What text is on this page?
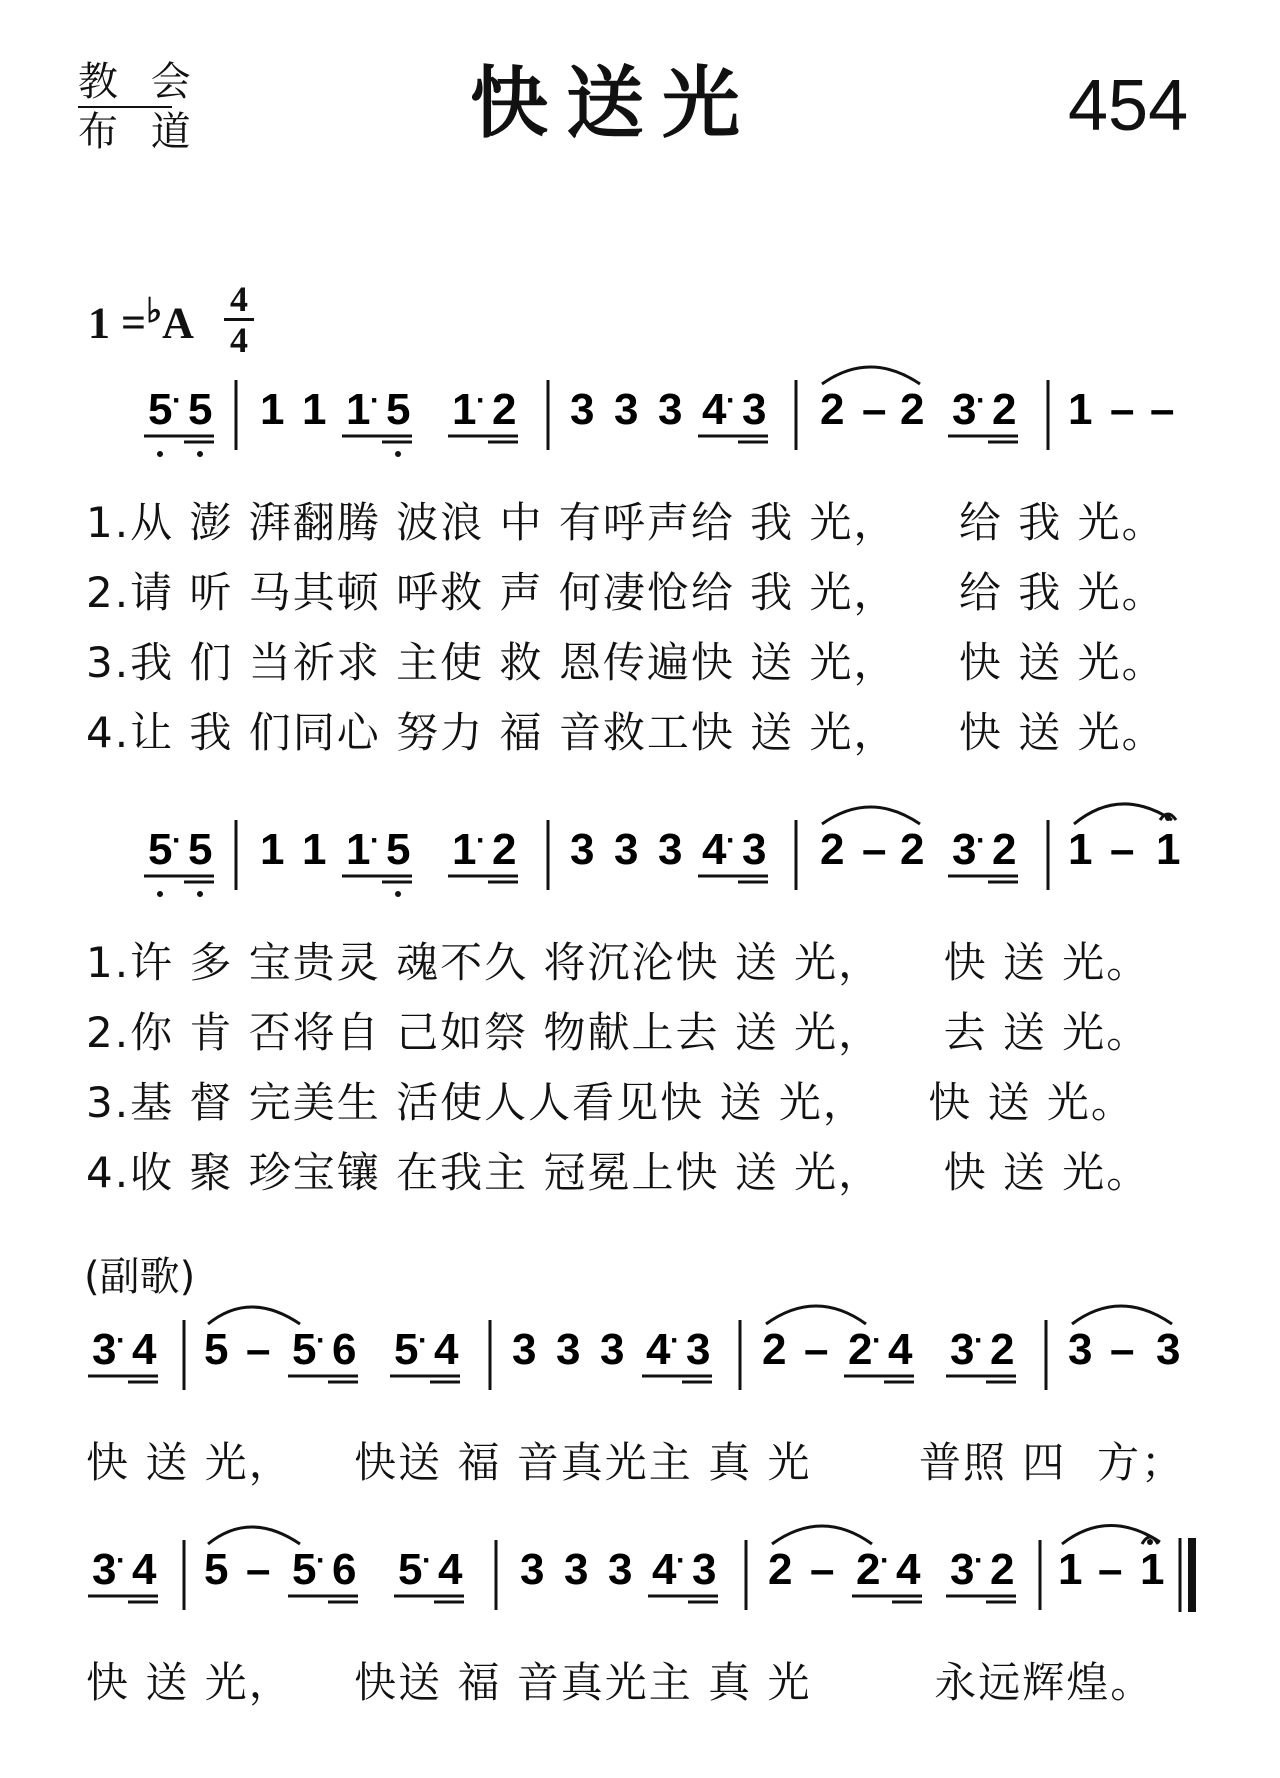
教 会
布 道	快送光	454
1 =♭A 4
4
5 · 5 1 1 1 · 5 1 · 2 3 3 3 4 · 3 2 – 2 3 · 2 1 – –
1.从 澎 湃翻腾 波浪 中 有呼声给 我 光，    给 我 光。
2.请 听 马其顿 呼救 声 何凄怆给 我 光，    给 我 光。
3.我 们 当祈求 主使 救 恩传遍快 送 光，    快 送 光。
4.让 我 们同心 努力 福 音救工快 送 光，    快 送 光。
5 · 5 1 1 1 · 5 1 · 2 3 3 3 4 · 3 2 – 2 3 · 2 1 – 1
1.许 多 宝贵灵 魂不久 将沉沦快 送 光，    快 送 光。
2.你 肯 否将自 己如祭 物献上去 送 光，    去 送 光。
3.基 督 完美生 活使人人看见快 送 光，    快 送 光。
4.收 聚 珍宝镶 在我主 冠冕上快 送 光，    快 送 光。
(副歌)
3 · 4 5 – 5 · 6 5 · 4 3 3 3 4 · 3 2 – 2 · 4 3 · 2 3 – 3
快 送 光，    快送 福 音真光主 真 光       普照 四  方；
3 · 4 5 – 5 · 6 5 · 4 3 3 3 4 · 3 2 – 2 · 4 3 · 2 1 – 1
快 送 光，    快送 福 音真光主 真 光        永远辉煌。
